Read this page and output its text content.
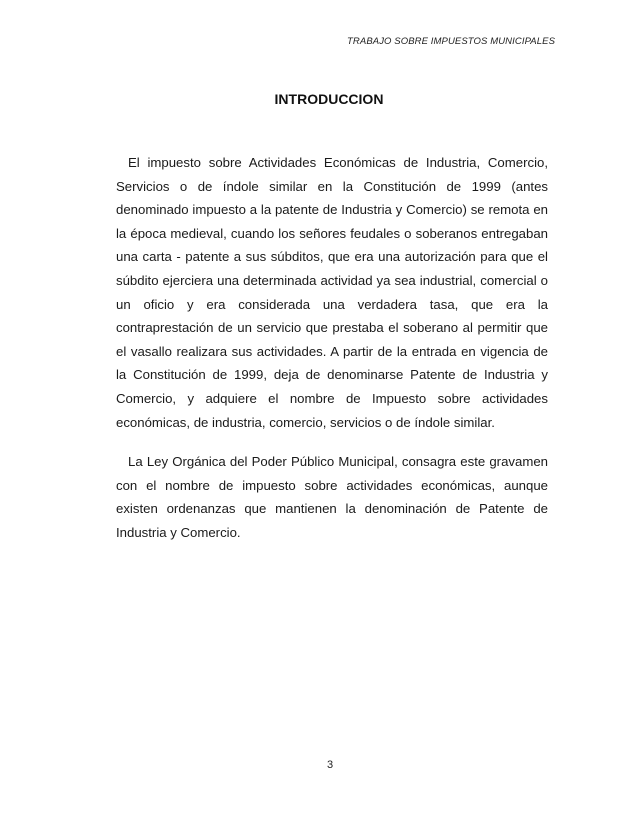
TRABAJO SOBRE IMPUESTOS MUNICIPALES
INTRODUCCION

El impuesto sobre Actividades Económicas de Industria, Comercio, Servicios o de índole similar en la Constitución de 1999 (antes denominado impuesto a la patente de Industria y Comercio) se remota en la época medieval, cuando los señores feudales o soberanos entregaban una carta - patente a sus súbditos, que era una autorización para que el súbdito ejerciera una determinada actividad ya sea industrial, comercial o un oficio y era considerada una verdadera tasa, que era la contraprestación de un servicio que prestaba el soberano al permitir que el vasallo realizara sus actividades. A partir de la entrada en vigencia de la Constitución de 1999, deja de denominarse Patente de Industria y Comercio, y adquiere el nombre de Impuesto sobre actividades económicas, de industria, comercio, servicios o de índole similar.

La Ley Orgánica del Poder Público Municipal, consagra este gravamen con el nombre de impuesto sobre actividades económicas, aunque existen ordenanzas que mantienen la denominación de Patente de Industria y Comercio.

3
